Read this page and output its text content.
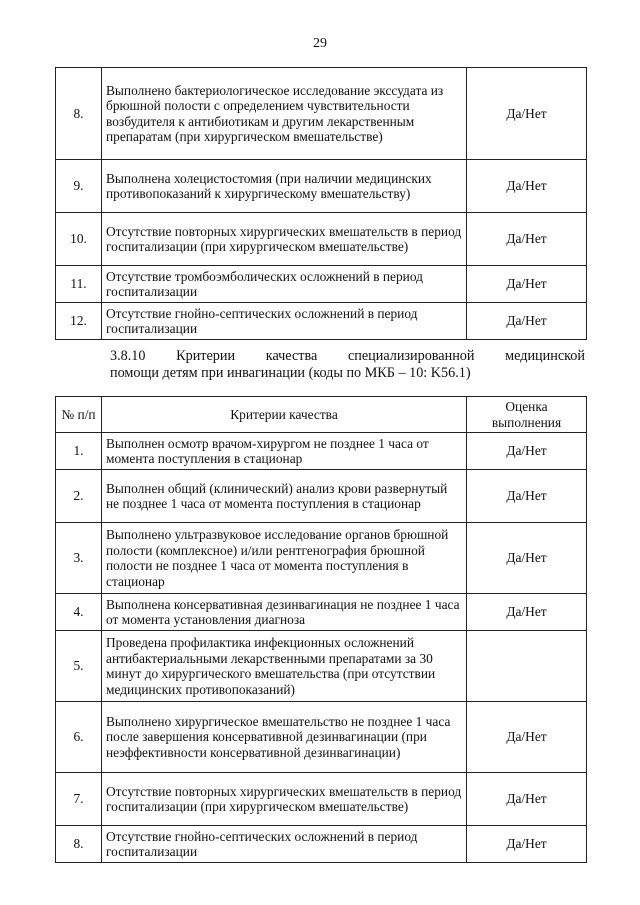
29
8.	Выполнено бактериологическое исследование экссудата из брюшной полости с определением чувствительности возбудителя к антибиотикам и другим лекарственным препаратам (при хирургическом вмешательстве)	Да/Нет
9.	Выполнена холецистостомия (при наличии медицинских противопоказаний к хирургическому вмешательству)	Да/Нет
10.	Отсутствие повторных хирургических вмешательств в период госпитализации (при хирургическом вмешательстве)	Да/Нет
11.	Отсутствие тромбоэмболических осложнений в период госпитализации	Да/Нет
12.	Отсутствие гнойно-септических осложнений в период госпитализации	Да/Нет
3.8.10 Критерии качества специализированной медицинской
помощи детям при инвагинации (коды по МКБ – 10: K56.1)
№ п/п	Критерии качества	Оценка выполнения
1.	Выполнен осмотр врачом-хирургом не позднее 1 часа от момента поступления в стационар	Да/Нет
2.	Выполнен общий (клинический) анализ крови развернутый не позднее 1 часа от момента поступления в стационар	Да/Нет
3.	Выполнено ультразвуковое исследование органов брюшной полости (комплексное) и/или рентгенография брюшной полости не позднее 1 часа от момента поступления в стационар	Да/Нет
4.	Выполнена консервативная дезинвагинация не позднее 1 часа от момента установления диагноза	Да/Нет
5.	Проведена профилактика инфекционных осложнений антибактериальными лекарственными препаратами за 30 минут до хирургического вмешательства (при отсутствии медицинских противопоказаний)	
6.	Выполнено хирургическое вмешательство не позднее 1 часа после завершения консервативной дезинвагинации (при неэффективности консервативной дезинвагинации)	Да/Нет
7.	Отсутствие повторных хирургических вмешательств в период госпитализации (при хирургическом вмешательстве)	Да/Нет
8.	Отсутствие гнойно-септических осложнений в период госпитализации	Да/Нет
